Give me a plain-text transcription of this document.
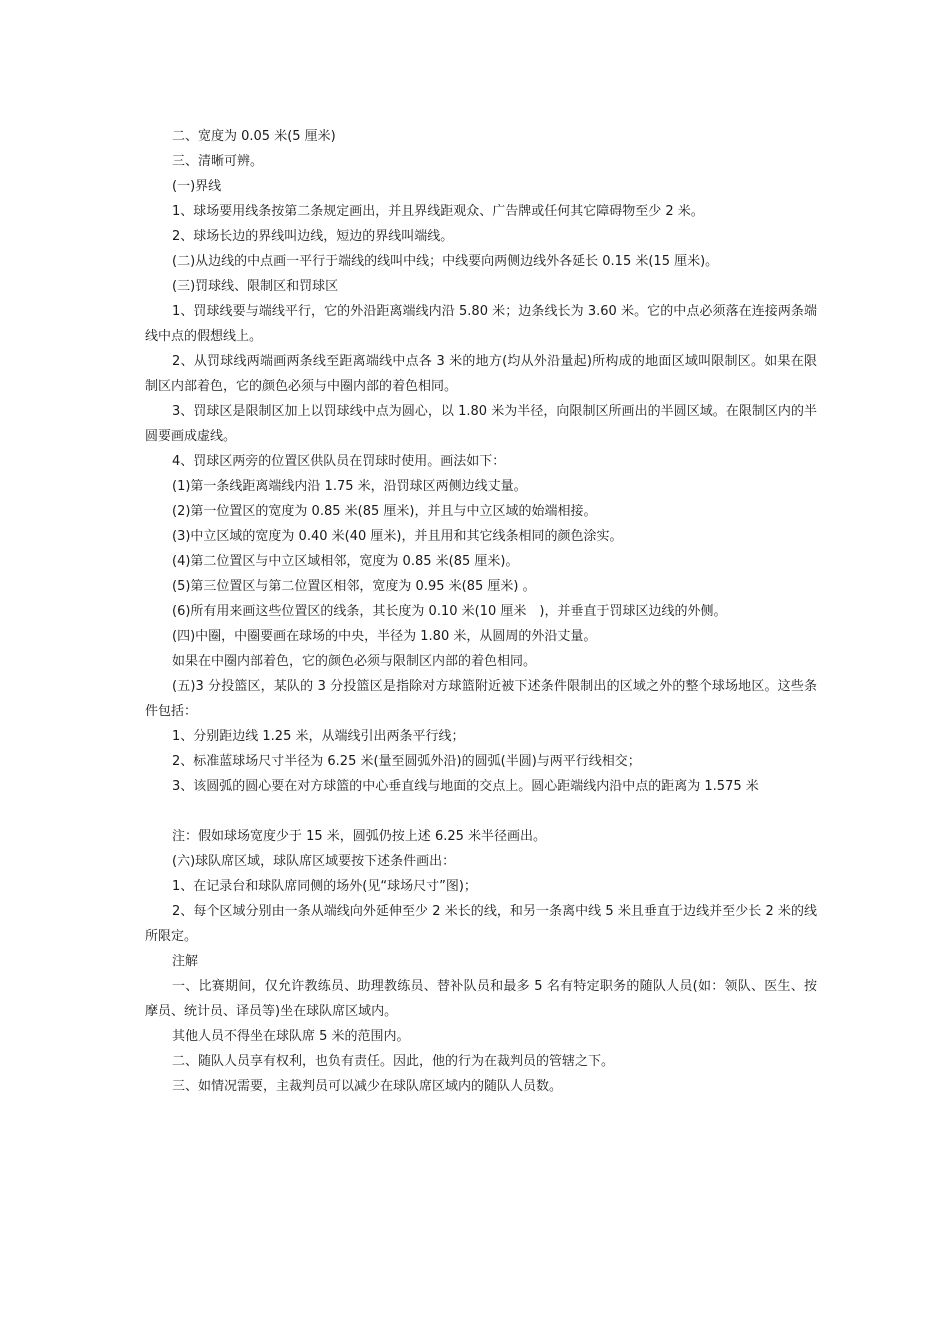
二、宽度为 0.05 米(5 厘米)

三、清晰可辨。

(一)界线

1、球场要用线条按第二条规定画出，并且界线距观众、广告牌或任何其它障碍物至少 2 米。

2、球场长边的界线叫边线，短边的界线叫端线。

(二)从边线的中点画一平行于端线的线叫中线；中线要向两侧边线外各延长 0.15 米(15 厘米)。

(三)罚球线、限制区和罚球区

1、罚球线要与端线平行，它的外沿距离端线内沿 5.80 米；边条线长为 3.60 米。它的中点必须落在连接两条端线中点的假想线上。

2、从罚球线两端画两条线至距离端线中点各 3 米的地方(均从外沿量起)所构成的地面区域叫限制区。如果在限制区内部着色，它的颜色必须与中圈内部的着色相同。

3、罚球区是限制区加上以罚球线中点为圆心，以 1.80 米为半径，向限制区所画出的半圆区域。在限制区内的半圆要画成虚线。

4、罚球区两旁的位置区供队员在罚球时使用。画法如下：

(1)第一条线距离端线内沿 1.75 米，沿罚球区两侧边线丈量。

(2)第一位置区的宽度为 0.85 米(85 厘米)，并且与中立区域的始端相接。

(3)中立区域的宽度为 0.40 米(40 厘米)，并且用和其它线条相同的颜色涂实。

(4)第二位置区与中立区域相邻，宽度为 0.85 米(85 厘米)。

(5)第三位置区与第二位置区相邻，宽度为 0.95 米(85 厘米) 。

(6)所有用来画这些位置区的线条，其长度为 0.10 米(10 厘米　)，并垂直于罚球区边线的外侧。

(四)中圈，中圈要画在球场的中央，半径为 1.80 米，从圆周的外沿丈量。

如果在中圈内部着色，它的颜色必须与限制区内部的着色相同。

(五)3 分投篮区，某队的 3 分投篮区是指除对方球篮附近被下述条件限制出的区域之外的整个球场地区。这些条件包括：

1、分别距边线 1.25 米，从端线引出两条平行线；

2、标准蓝球场尺寸半径为 6.25 米(量至圆弧外沿)的圆弧(半圆)与两平行线相交；

3、该圆弧的圆心要在对方球篮的中心垂直线与地面的交点上。圆心距端线内沿中点的距离为 1.575 米

注：假如球场宽度少于 15 米，圆弧仍按上述 6.25 米半径画出。

(六)球队席区域，球队席区域要按下述条件画出：

1、在记录台和球队席同侧的场外(见“球场尺寸”图)；

2、每个区域分别由一条从端线向外延伸至少 2 米长的线，和另一条离中线 5 米且垂直于边线并至少长 2 米的线所限定。

注解

一、比赛期间，仅允许教练员、助理教练员、替补队员和最多 5 名有特定职务的随队人员(如：领队、医生、按摩员、统计员、译员等)坐在球队席区域内。

其他人员不得坐在球队席 5 米的范围内。

二、随队人员享有权利，也负有责任。因此，他的行为在裁判员的管辖之下。

三、如情况需要，主裁判员可以减少在球队席区域内的随队人员数。
